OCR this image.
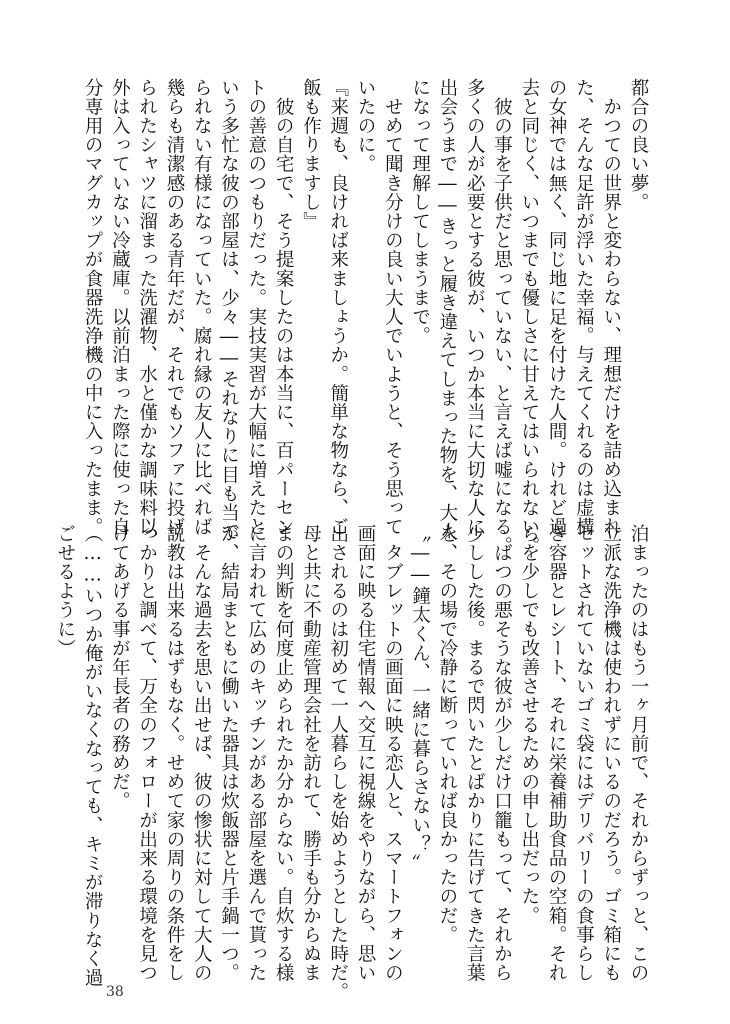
都合の良い夢。
　かつての世界と変わらない、理想だけを詰め込まれ
た、そんな足許が浮いた幸福。与えてくれるのは虚構
の女神では無く、同じ地に足を付けた人間。けれど過
去と同じく、いつまでも優しさに甘えてはいられない。
　彼の事を子供だと思っていない、と言えば嘘になる。
多くの人が必要とする彼が、いつか本当に大切な人に
出会うまで――きっと履き違えてしまった物を、大人
になって理解してしまうまで。
　せめて聞き分けの良い大人でいようと、そう思って
いたのに。
『来週も、良ければ来ましょうか。簡単な物なら、ご
飯も作りますし』
　彼の自宅で、そう提案したのは本当に、百パーセン
トの善意のつもりだった。実技実習が大幅に増えたと
いう多忙な彼の部屋は、少々――それなりに目も当て
られない有様になっていた。腐れ縁の友人に比べれば
幾らも清潔感のある青年だが、それでもソファに投げ
られたシャツに溜まった洗濯物、水と僅かな調味料以
外は入っていない冷蔵庫。以前泊まった際に使った自
分専用のマグカップが食器洗浄機の中に入ったまま。
泊まったのはもう一ヶ月前で、それからずっと、この
立派な洗浄機は使われずにいるのだろう。ゴミ箱にも
セットされていないゴミ袋にはデリバリーの食事らし
き容器とレシート、それに栄養補助食品の空箱。それ
らを少しでも改善させるための申し出だった。
　ばつの悪そうな彼が少しだけ口籠もって、それから
少しした後。まるで閃いたとばかりに告げてきた言葉
を、その場で冷静に断っていれば良かったのだ。
〝――鐘太くん、一緒に暮らさない？〟
　タブレットの画面に映る恋人と、スマートフォンの
画面に映る住宅情報へ交互に視線をやりながら、思い
出されるのは初めて一人暮らしを始めようとした時だ。
母と共に不動産管理会社を訪れて、勝手も分からぬま
まの判断を何度止められたか分からない。自炊する様
に言われて広めのキッチンがある部屋を選んで貰った
が、結局まともに働いた器具は炊飯器と片手鍋一つ。
　そんな過去を思い出せば、彼の惨状に対して大人の
説教は出来るはずもなく。せめて家の周りの条件をし
っかりと調べて、万全のフォローが出来る環境を見つ
けてあげる事が年長者の務めだ。
（……いつか俺がいなくなっても、キミが滞りなく過
ごせるように）
38
